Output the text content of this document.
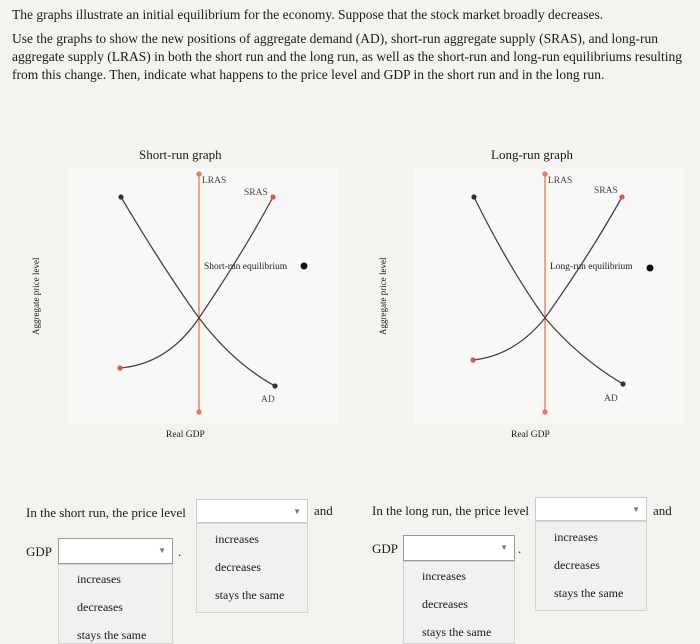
The graphs illustrate an initial equilibrium for the economy. Suppose that the stock market broadly decreases.

Use the graphs to show the new positions of aggregate demand (AD), short-run aggregate supply (SRAS), and long-run aggregate supply (LRAS) in both the short run and the long run, as well as the short-run and long-run equilibriums resulting from this change. Then, indicate what happens to the price level and GDP in the short run and in the long run.

Short-run graph
LRAS
SRAS
AD
Short-run equilibrium
Aggregate price level
Real GDP
Long-run graph
LRAS
SRAS
AD
Long-run equilibrium
Aggregate price level
Real GDP
In the short run, the price level	▼ and
increases
decreases
stays the same
GDP	▼ .
increases
decreases
stays the same
In the long run, the price level	▼ and
increases
decreases
stays the same
GDP	▼ .
increases
decreases
stays the same
